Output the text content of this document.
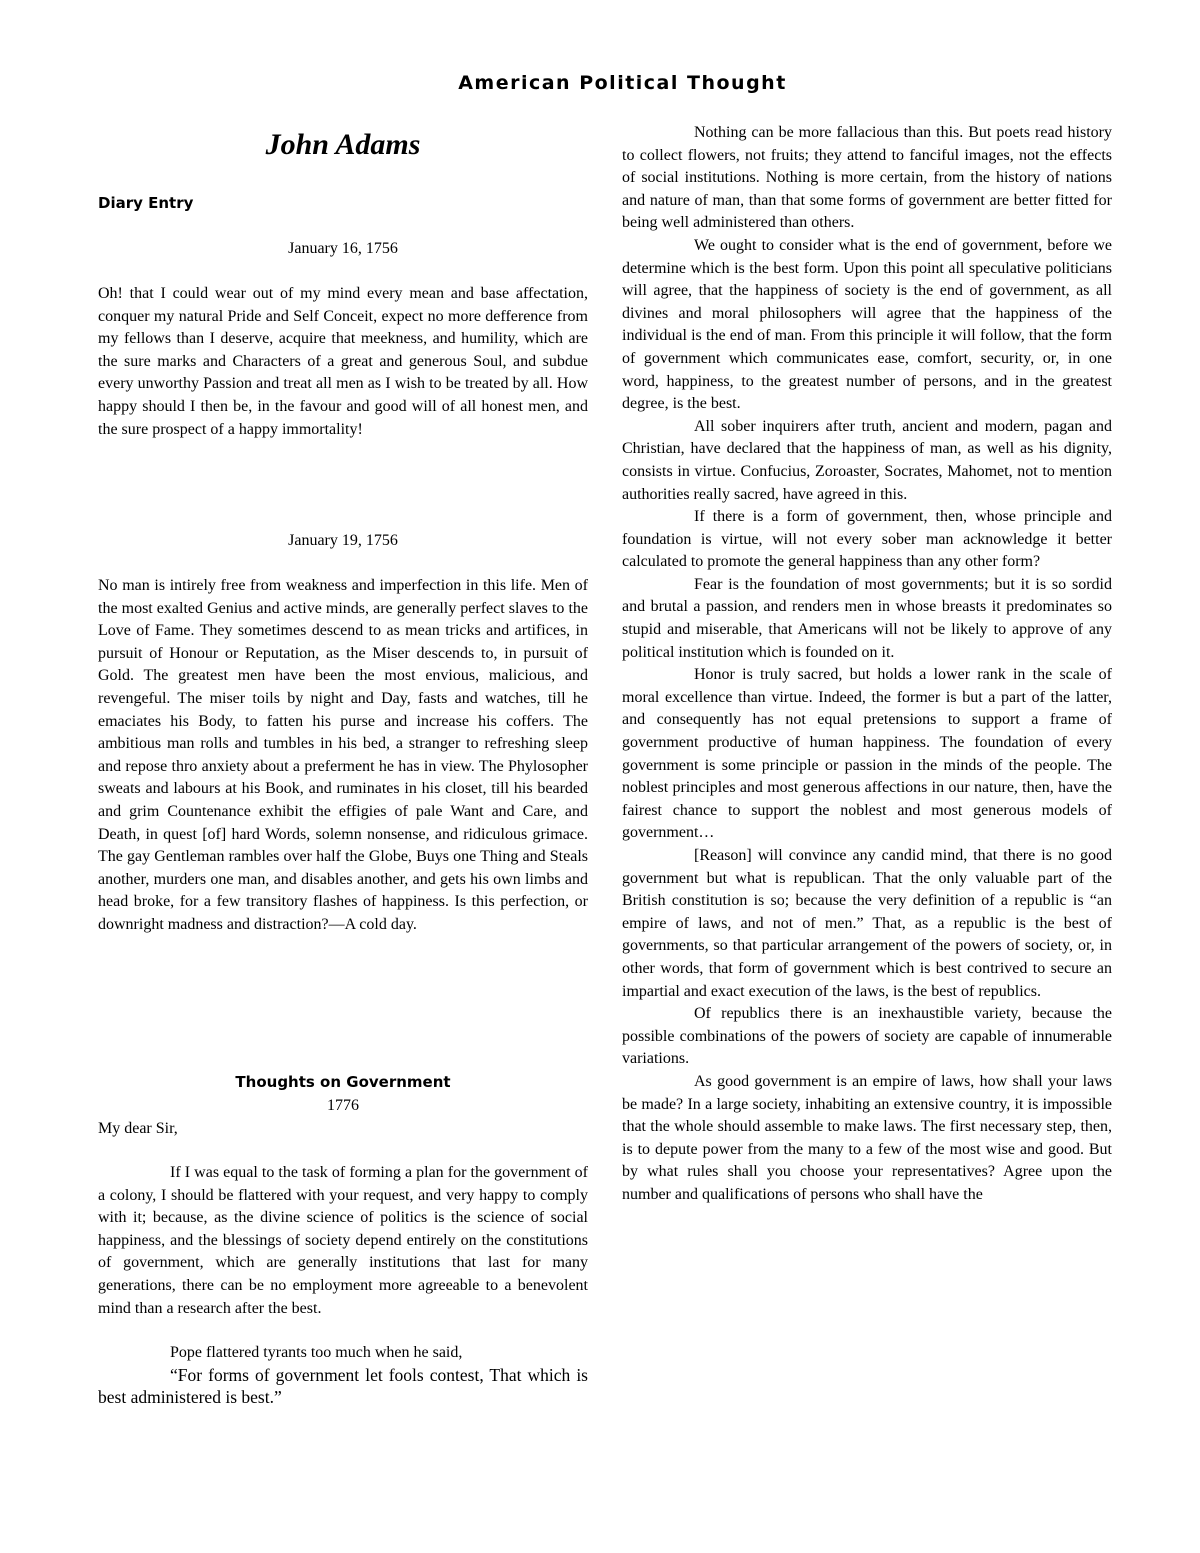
American Political Thought
John Adams
Diary Entry
January 16, 1756
Oh! that I could wear out of my mind every mean and base affectation, conquer my natural Pride and Self Conceit, expect no more defference from my fellows than I deserve, acquire that meekness, and humility, which are the sure marks and Characters of a great and generous Soul, and subdue every unworthy Passion and treat all men as I wish to be treated by all. How happy should I then be, in the favour and good will of all honest men, and the sure prospect of a happy immortality!
January 19, 1756
No man is intirely free from weakness and imperfection in this life. Men of the most exalted Genius and active minds, are generally perfect slaves to the Love of Fame. They sometimes descend to as mean tricks and artifices, in pursuit of Honour or Reputation, as the Miser descends to, in pursuit of Gold. The greatest men have been the most envious, malicious, and revengeful. The miser toils by night and Day, fasts and watches, till he emaciates his Body, to fatten his purse and increase his coffers. The ambitious man rolls and tumbles in his bed, a stranger to refreshing sleep and repose thro anxiety about a preferment he has in view. The Phylosopher sweats and labours at his Book, and ruminates in his closet, till his bearded and grim Countenance exhibit the effigies of pale Want and Care, and Death, in quest [of] hard Words, solemn nonsense, and ridiculous grimace. The gay Gentleman rambles over half the Globe, Buys one Thing and Steals another, murders one man, and disables another, and gets his own limbs and head broke, for a few transitory flashes of happiness. Is this perfection, or downright madness and distraction?—A cold day.
Thoughts on Government
1776
My dear Sir,

If I was equal to the task of forming a plan for the government of a colony, I should be flattered with your request, and very happy to comply with it; because, as the divine science of politics is the science of social happiness, and the blessings of society depend entirely on the constitutions of government, which are generally institutions that last for many generations, there can be no employment more agreeable to a benevolent mind than a research after the best.

Pope flattered tyrants too much when he said,

“For forms of government let fools contest, That which is best administered is best.”

Nothing can be more fallacious than this. But poets read history to collect flowers, not fruits; they attend to fanciful images, not the effects of social institutions. Nothing is more certain, from the history of nations and nature of man, than that some forms of government are better fitted for being well administered than others.

We ought to consider what is the end of government, before we determine which is the best form. Upon this point all speculative politicians will agree, that the happiness of society is the end of government, as all divines and moral philosophers will agree that the happiness of the individual is the end of man. From this principle it will follow, that the form of government which communicates ease, comfort, security, or, in one word, happiness, to the greatest number of persons, and in the greatest degree, is the best.

All sober inquirers after truth, ancient and modern, pagan and Christian, have declared that the happiness of man, as well as his dignity, consists in virtue. Confucius, Zoroaster, Socrates, Mahomet, not to mention authorities really sacred, have agreed in this.

If there is a form of government, then, whose principle and foundation is virtue, will not every sober man acknowledge it better calculated to promote the general happiness than any other form?

Fear is the foundation of most governments; but it is so sordid and brutal a passion, and renders men in whose breasts it predominates so stupid and miserable, that Americans will not be likely to approve of any political institution which is founded on it.

Honor is truly sacred, but holds a lower rank in the scale of moral excellence than virtue. Indeed, the former is but a part of the latter, and consequently has not equal pretensions to support a frame of government productive of human happiness. The foundation of every government is some principle or passion in the minds of the people. The noblest principles and most generous affections in our nature, then, have the fairest chance to support the noblest and most generous models of government…

[Reason] will convince any candid mind, that there is no good government but what is republican. That the only valuable part of the British constitution is so; because the very definition of a republic is “an empire of laws, and not of men.” That, as a republic is the best of governments, so that particular arrangement of the powers of society, or, in other words, that form of government which is best contrived to secure an impartial and exact execution of the laws, is the best of republics.

Of republics there is an inexhaustible variety, because the possible combinations of the powers of society are capable of innumerable variations.

As good government is an empire of laws, how shall your laws be made? In a large society, inhabiting an extensive country, it is impossible that the whole should assemble to make laws. The first necessary step, then, is to depute power from the many to a few of the most wise and good. But by what rules shall you choose your representatives? Agree upon the number and qualifications of persons who shall have the
